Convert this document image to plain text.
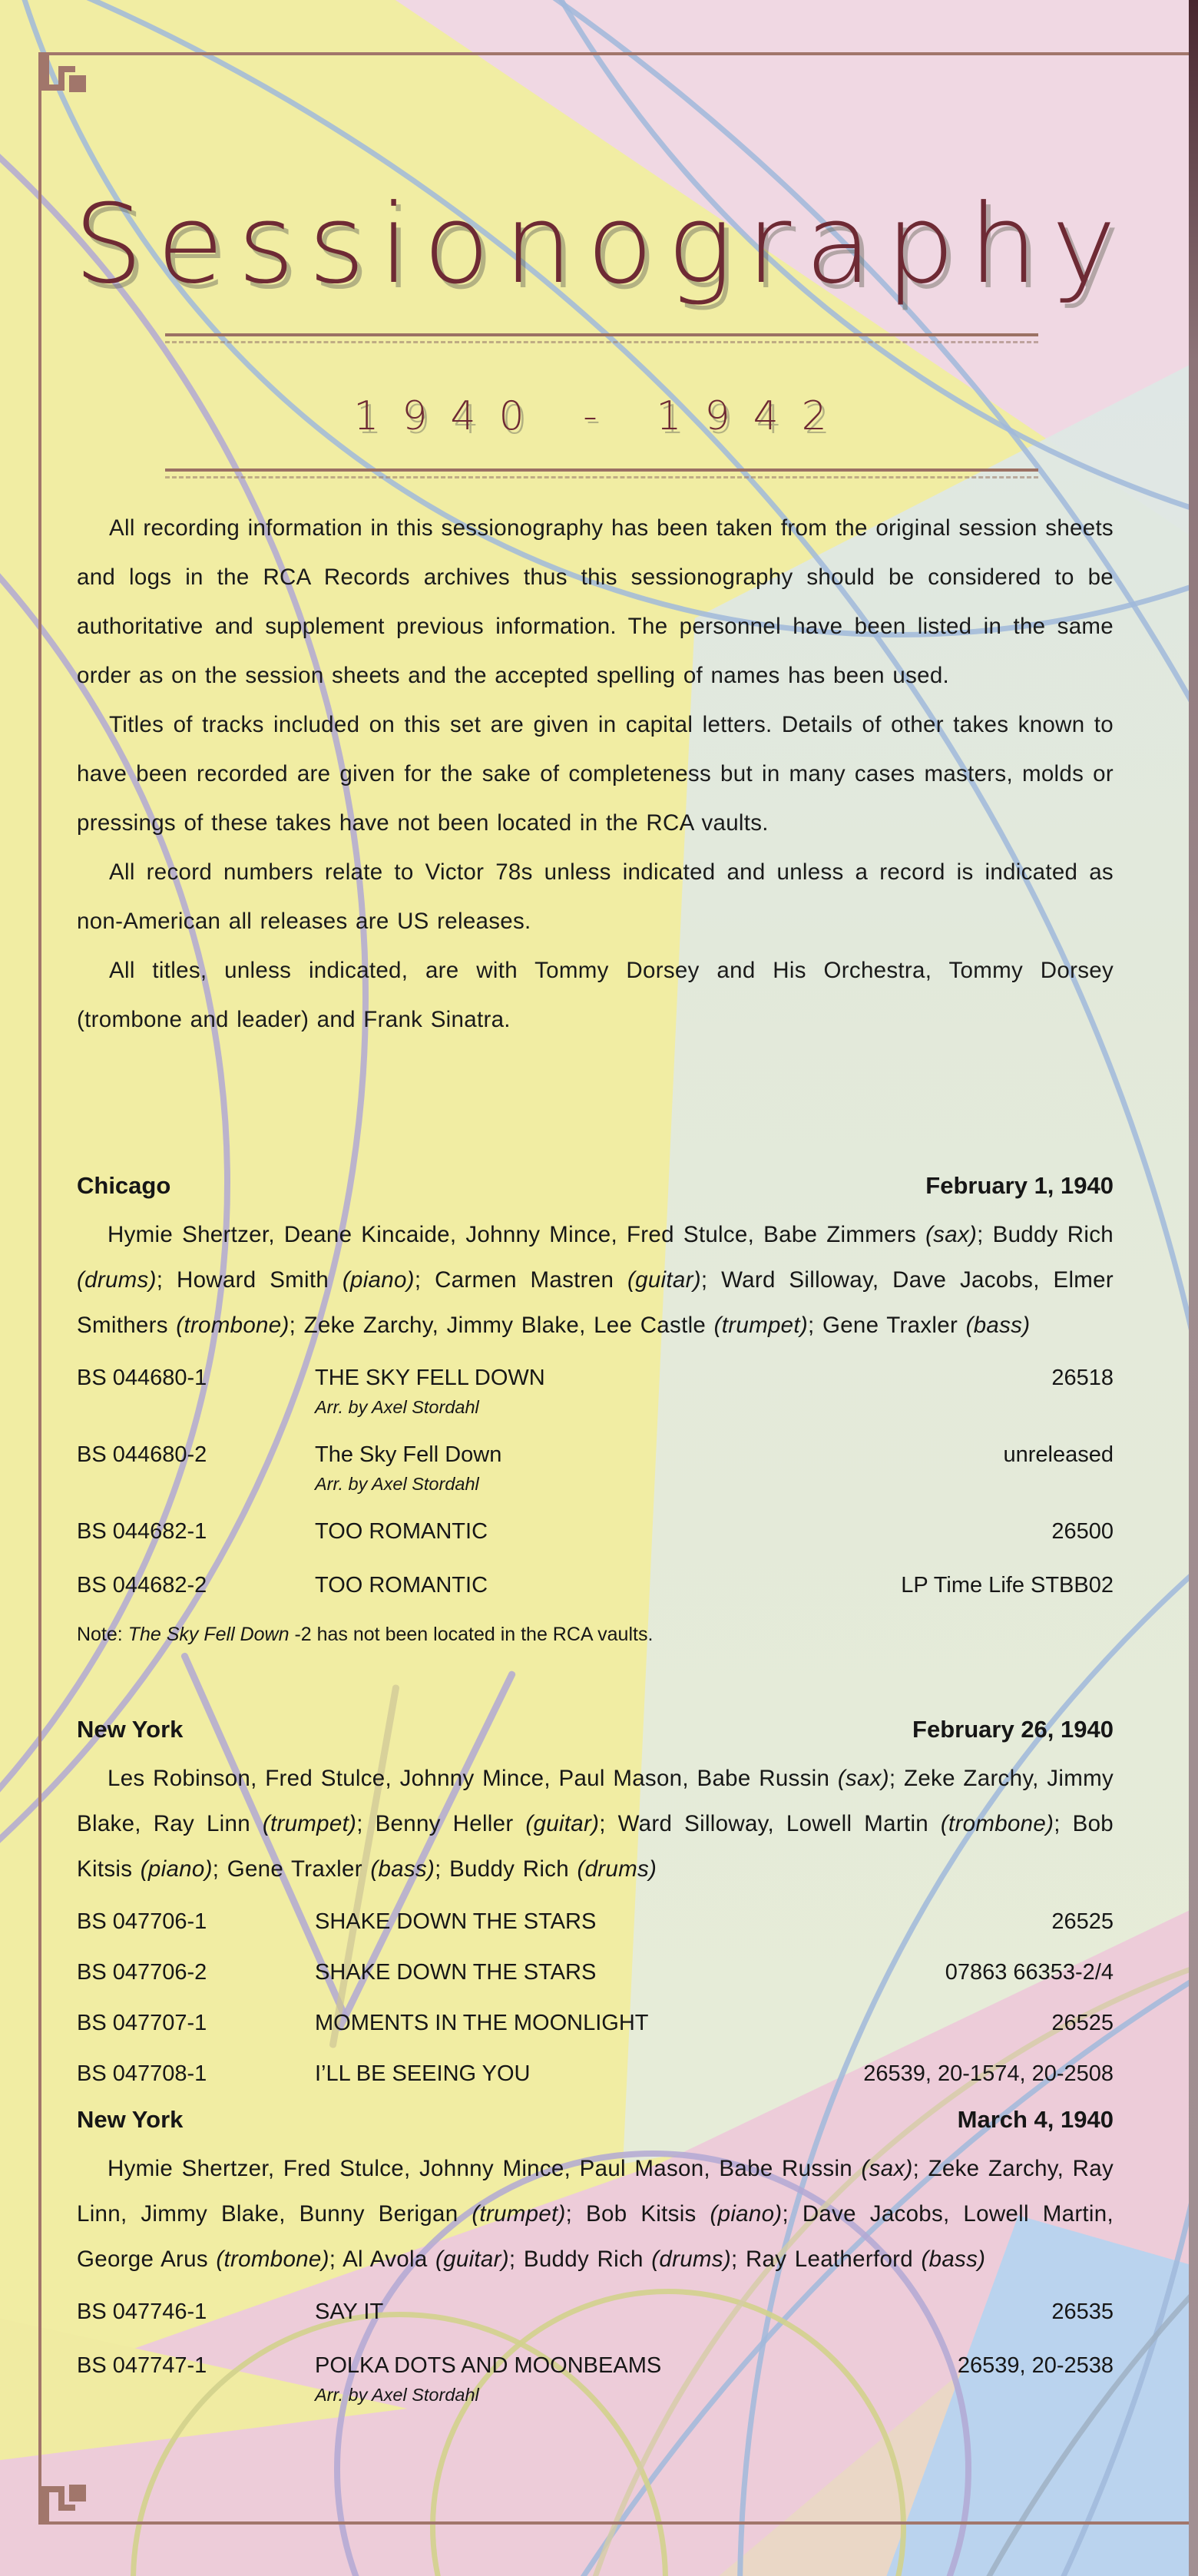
Sessionography
1940 - 1942

All recording information in this sessionography has been taken from the original session sheets and logs in the RCA Records archives thus this sessionography should be considered to be authoritative and supplement previous information. The personnel have been listed in the same order as on the session sheets and the accepted spelling of names has been used.

Titles of tracks included on this set are given in capital letters. Details of other takes known to have been recorded are given for the sake of completeness but in many cases masters, molds or pressings of these takes have not been located in the RCA vaults.

All record numbers relate to Victor 78s unless indicated and unless a record is indicated as non-American all releases are US releases.

All titles, unless indicated, are with Tommy Dorsey and His Orchestra, Tommy Dorsey (trombone and leader) and Frank Sinatra.

Chicago	February 1, 1940

Hymie Shertzer, Deane Kincaide, Johnny Mince, Fred Stulce, Babe Zimmers (sax); Buddy Rich (drums); Howard Smith (piano); Carmen Mastren (guitar); Ward Silloway, Dave Jacobs, Elmer Smithers (trombone); Zeke Zarchy, Jimmy Blake, Lee Castle (trumpet); Gene Traxler (bass)

BS 044680-1	THE SKY FELL DOWN	26518
Arr. by Axel Stordahl
BS 044680-2	The Sky Fell Down	unreleased
Arr. by Axel Stordahl
BS 044682-1	TOO ROMANTIC	26500
BS 044682-2	TOO ROMANTIC	LP Time Life STBB02

Note: The Sky Fell Down -2 has not been located in the RCA vaults.

New York	February 26, 1940

Les Robinson, Fred Stulce, Johnny Mince, Paul Mason, Babe Russin (sax); Zeke Zarchy, Jimmy Blake, Ray Linn (trumpet); Benny Heller (guitar); Ward Silloway, Lowell Martin (trombone); Bob Kitsis (piano); Gene Traxler (bass); Buddy Rich (drums)

BS 047706-1	SHAKE DOWN THE STARS	26525
BS 047706-2	SHAKE DOWN THE STARS	07863 66353-2/4
BS 047707-1	MOMENTS IN THE MOONLIGHT	26525
BS 047708-1	I’LL BE SEEING YOU	26539, 20-1574, 20-2508
New York	March 4, 1940

Hymie Shertzer, Fred Stulce, Johnny Mince, Paul Mason, Babe Russin (sax); Zeke Zarchy, Ray Linn, Jimmy Blake, Bunny Berigan (trumpet); Bob Kitsis (piano); Dave Jacobs, Lowell Martin, George Arus (trombone); Al Avola (guitar); Buddy Rich (drums); Ray Leatherford (bass)

BS 047746-1	SAY IT	26535
BS 047747-1	POLKA DOTS AND MOONBEAMS	26539, 20-2538
Arr. by Axel Stordahl
